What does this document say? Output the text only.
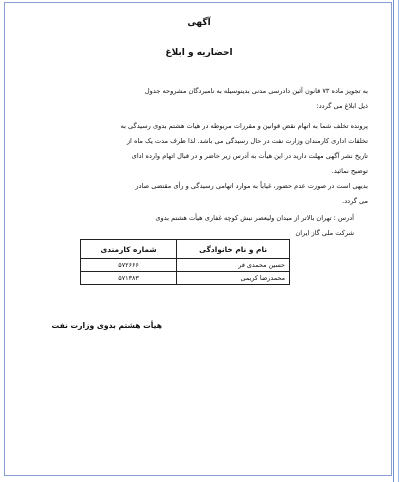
آگهی
احضاریه و ابلاغ
به تجویز ماده ۷۳ قانون آئین دادرسی مدنی بدینوسیله به نامبردگان مشروحه جدول
ذیل ابلاغ می گردد:
پرونده تخلف شما به اتهام نقض قوانین و مقررات مربوطه در هیات هشتم بدوی رسیدگی به
تخلفات اداری کارمندان وزارت نفت در حال رسیدگی می باشد. لذا ظرف مدت یک ماه از
تاریخ نشر آگهی مهلت دارید در این هیأت به آدرس زیر حاضر و در قبال اتهام وارده ادای
توضیح نمائید.
بدیهی است در صورت عدم حضور، غیاباً به موارد اتهامی رسیدگی و رأی مقتضی صادر
می گردد.
آدرس : تهران بالاتر از میدان ولیعصر نبش کوچه غفاری هیأت هشتم بدوی
شرکت ملی گاز ایران
نام و نام خانوادگی	شماره کارمندی
حسین محمدی فر	۵۷۲۶۶۶
محمدرضا کریمی	۵۷۱۳۸۳
هیأت هشتم بدوی وزارت نفت
